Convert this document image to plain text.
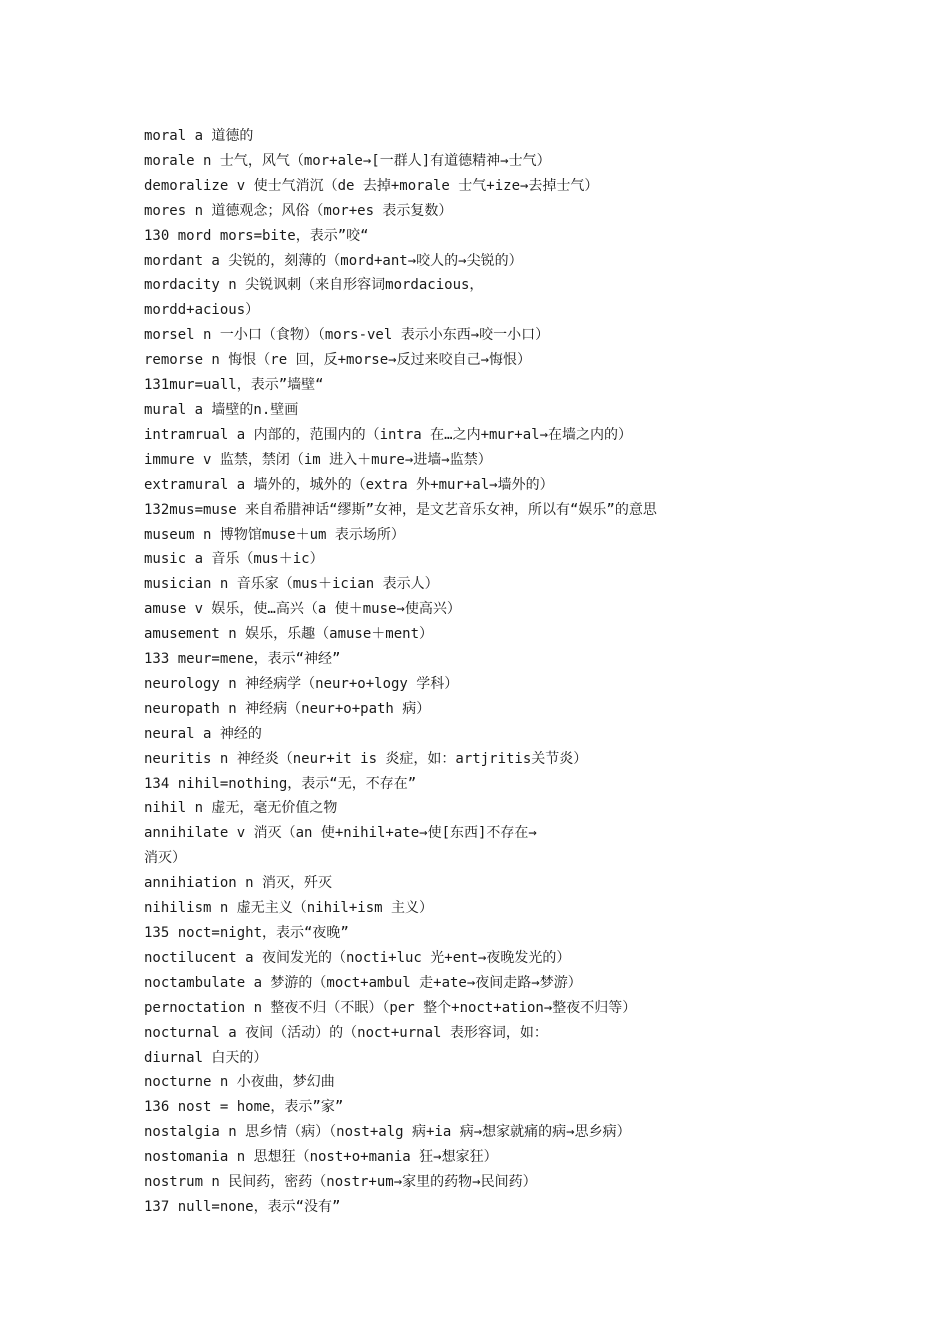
moral a 道德的
morale n 士气，风气（mor+ale→[一群人]有道德精神→士气）
demoralize v 使士气消沉（de 去掉+morale 士气+ize→去掉士气）
mores n 道德观念；风俗（mor+es 表示复数）
130 mord mors=bite，表示”咬“
mordant a 尖锐的，刻薄的（mord+ant→咬人的→尖锐的）
mordacity n 尖锐讽刺（来自形容词mordacious，
mordd+acious）
morsel n 一小口（食物）（mors-vel 表示小东西→咬一小口）
remorse n 悔恨（re 回，反+morse→反过来咬自己→悔恨）
131mur=uall，表示”墙壁“
mural a 墙壁的n.壁画
intramrual a 内部的，范围内的（intra 在…之内+mur+al→在墙之内的）
immure v 监禁，禁闭（im 进入＋mure→进墙→监禁）
extramural a 墙外的，城外的（extra 外+mur+al→墙外的）
132mus=muse 来自希腊神话“缪斯”女神，是文艺音乐女神，所以有“娱乐”的意思
museum n 博物馆muse＋um 表示场所）
music a 音乐（mus＋ic）
musician n 音乐家（mus＋ician 表示人）
amuse v 娱乐，使…高兴（a 使＋muse→使高兴）
amusement n 娱乐，乐趣（amuse＋ment）
133 meur=mene，表示“神经”
neurology n 神经病学（neur+o+logy 学科）
neuropath n 神经病（neur+o+path 病）
neural a 神经的
neuritis n 神经炎（neur+it is 炎症，如：artjritis关节炎）
134 nihil=nothing，表示“无，不存在”
nihil n 虚无，毫无价值之物
annihilate v 消灭（an 使+nihil+ate→使[东西]不存在→
消灭）
annihiation n 消灭，歼灭
nihilism n 虚无主义（nihil+ism 主义）
135 noct=night，表示“夜晚”
noctilucent a 夜间发光的（nocti+luc 光+ent→夜晚发光的）
noctambulate a 梦游的（moct+ambul 走+ate→夜间走路→梦游）
pernoctation n 整夜不归（不眠）（per 整个+noct+ation→整夜不归等）
nocturnal a 夜间（活动）的（noct+urnal 表形容词，如：
diurnal 白天的）
nocturne n 小夜曲，梦幻曲
136 nost = home，表示”家”
nostalgia n 思乡情（病）（nost+alg 病+ia 病→想家就痛的病→思乡病）
nostomania n 思想狂（nost+o+mania 狂→想家狂）
nostrum n 民间药，密药（nostr+um→家里的药物→民间药）
137 null=none，表示“没有”
